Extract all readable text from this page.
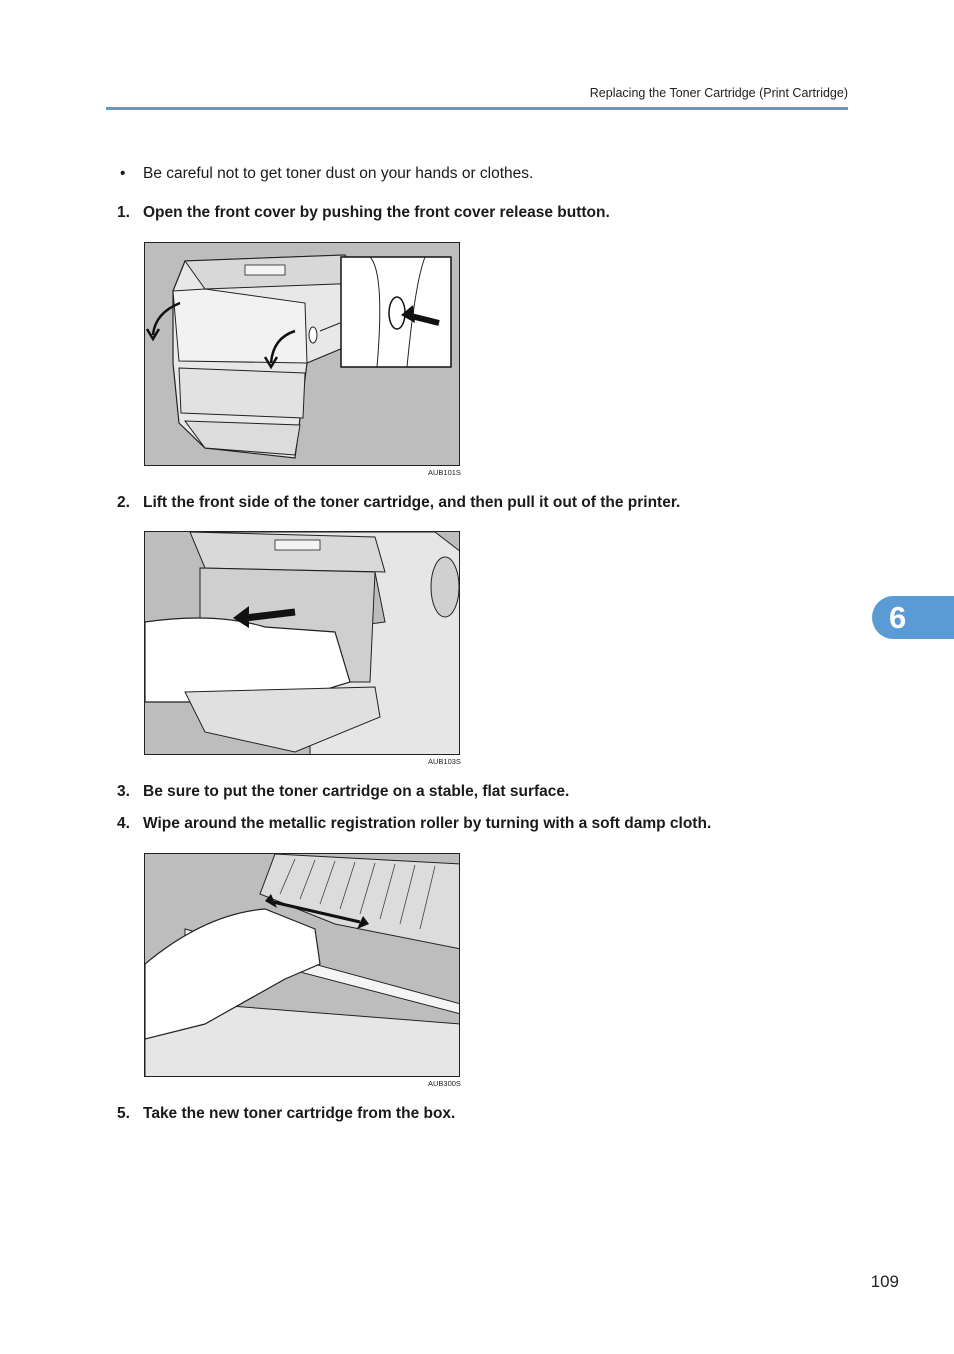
Replacing the Toner Cartridge (Print Cartridge)
• Be careful not to get toner dust on your hands or clothes.
1. Open the front cover by pushing the front cover release button.
AUB101S
2. Lift the front side of the toner cartridge, and then pull it out of the printer.
AUB103S
3. Be sure to put the toner cartridge on a stable, flat surface.
4. Wipe around the metallic registration roller by turning with a soft damp cloth.
AUB300S
5. Take the new toner cartridge from the box.
6
109
